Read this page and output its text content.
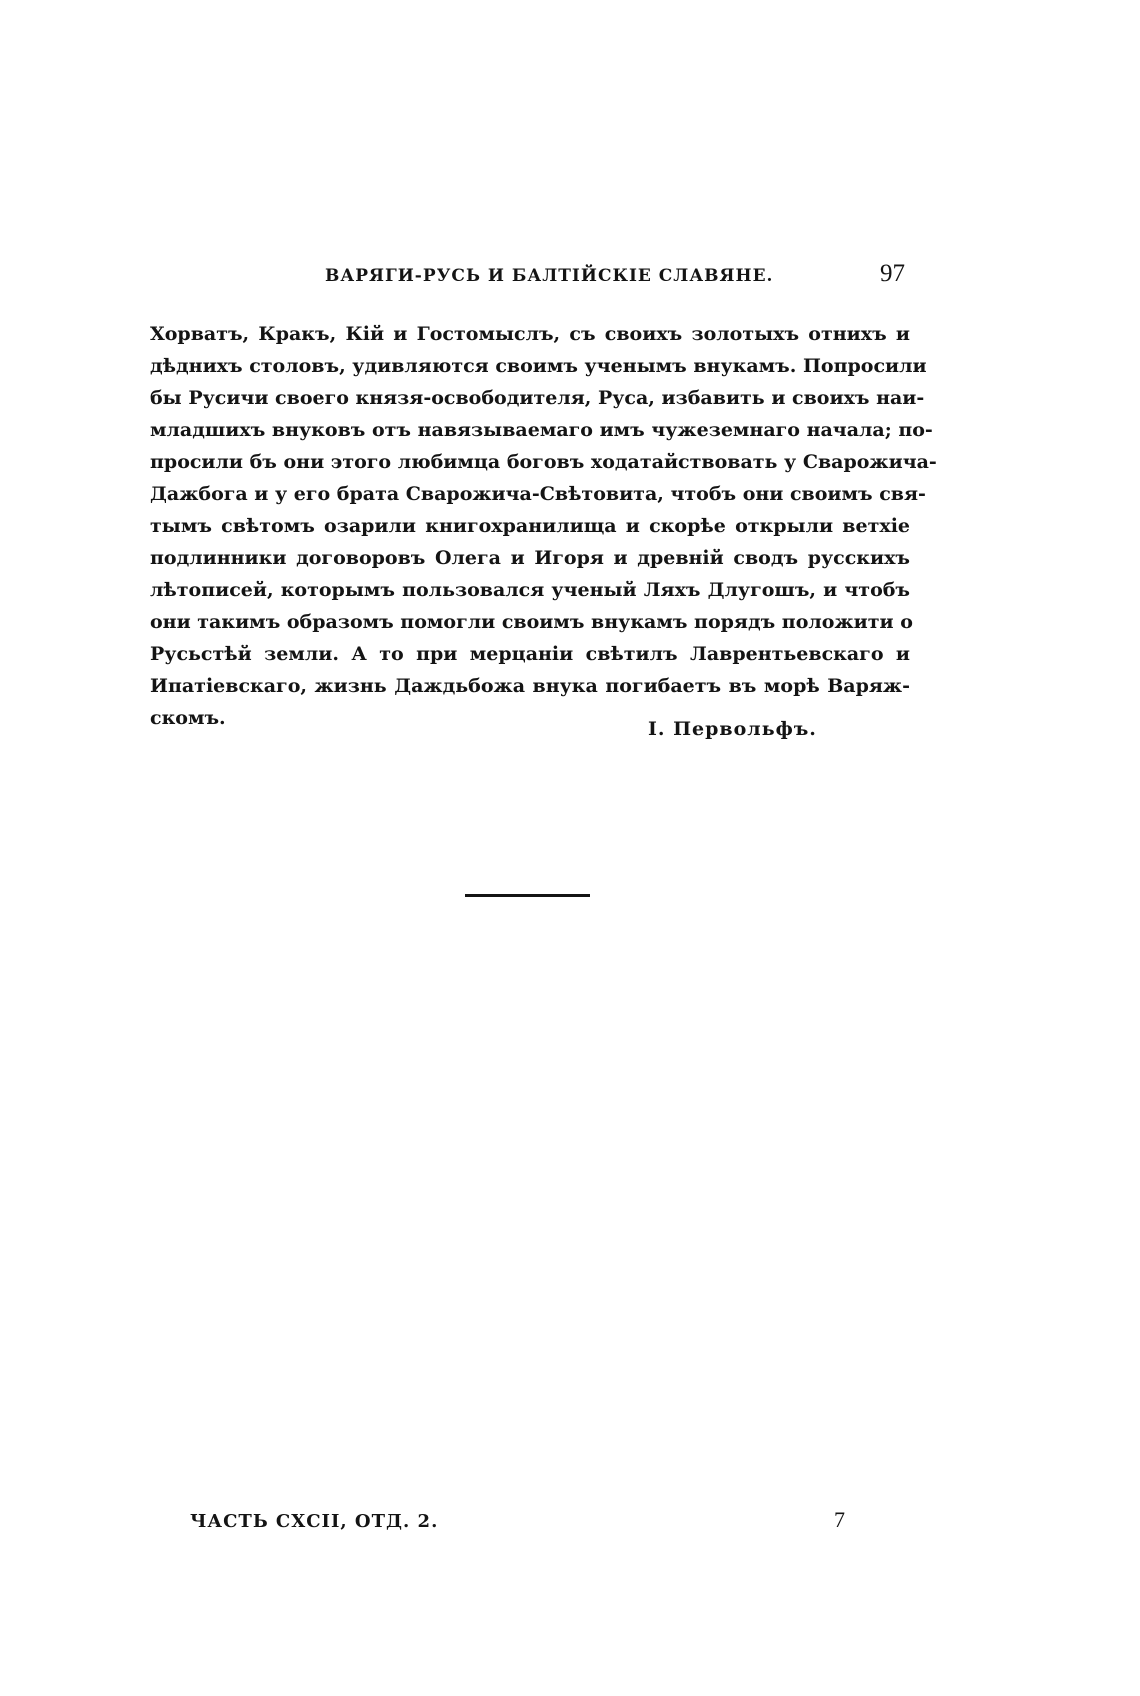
ВАРЯГИ-РУСЬ И БАЛТІЙСКІЕ СЛАВЯНЕ.	97
Хорватъ, Кракъ, Кій и Гостомыслъ, съ своихъ золотыхъ отнихъ и
дѣднихъ столовъ, удивляются своимъ ученымъ внукамъ. Попросили
бы Русичи своего князя-освободителя, Руса, избавить и своихъ наи-
младшихъ внуковъ отъ навязываемаго имъ чужеземнаго начала; по-
просили бъ они этого любимца боговъ ходатайствовать у Сварожича-
Дажбога и у его брата Сварожича-Свѣтовита, чтобъ они своимъ свя-
тымъ свѣтомъ озарили книгохранилища и скорѣе открыли ветхіе
подлинники договоровъ Олега и Игоря и древній сводъ русскихъ
лѣтописей, которымъ пользовался ученый Ляхъ Длугошъ, и чтобъ
они такимъ образомъ помогли своимъ внукамъ порядъ положити о
Русьстѣй земли. А то при мерцаніи свѣтилъ Лаврентьевскаго и
Ипатіевскаго, жизнь Даждьбожа внука погибаетъ въ морѣ Варяж-
скомъ.	I. Первольфъ.
ЧАСТЬ СХСII, ОТД. 2.	7
